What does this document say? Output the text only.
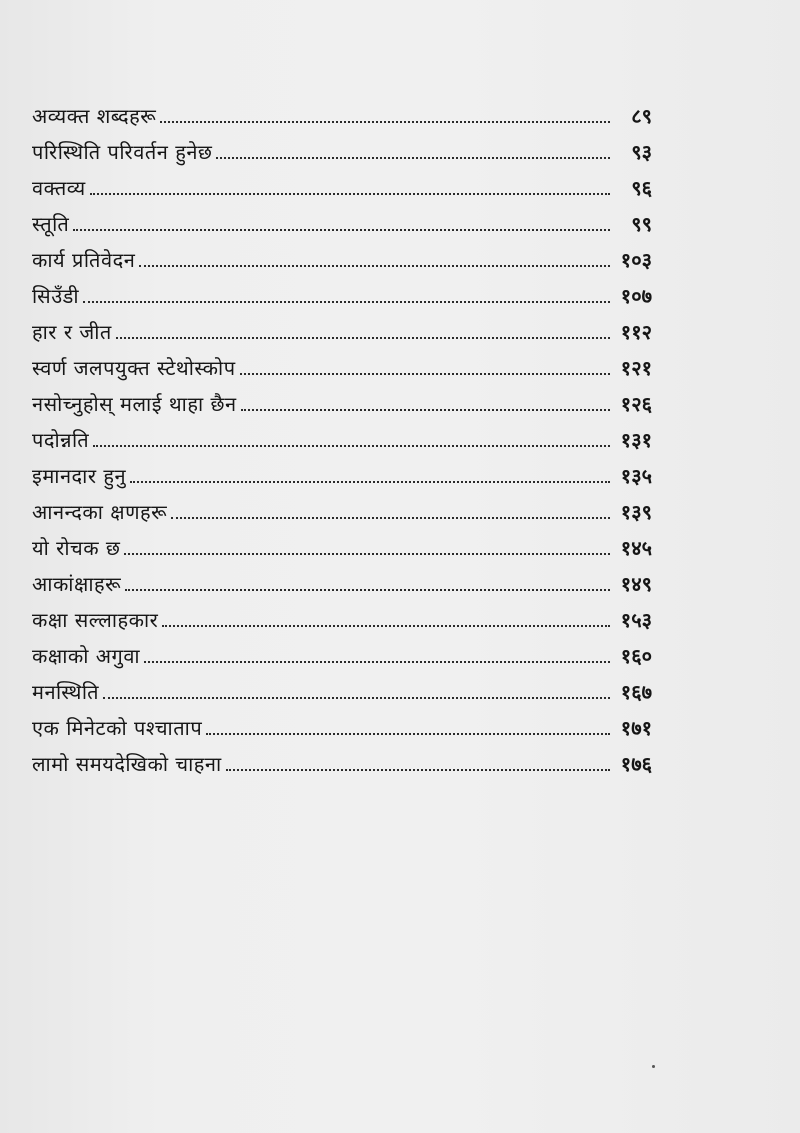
अव्यक्त शब्दहरू	८९
परिस्थिति परिवर्तन हुनेछ	९३
वक्तव्य	९६
स्तूति	९९
कार्य प्रतिवेदन	१०३
सिउँडी	१०७
हार र जीत	११२
स्वर्ण जलपयुक्त स्टेथोस्कोप	१२१
नसोच्नुहोस् मलाई थाहा छैन	१२६
पदोन्नति	१३१
इमानदार हुनु	१३५
आनन्दका क्षणहरू	१३९
यो रोचक छ	१४५
आकांक्षाहरू	१४९
कक्षा सल्लाहकार	१५३
कक्षाको अगुवा	१६०
मनस्थिति	१६७
एक मिनेटको पश्चाताप	१७१
लामो समयदेखिको चाहना	१७६
